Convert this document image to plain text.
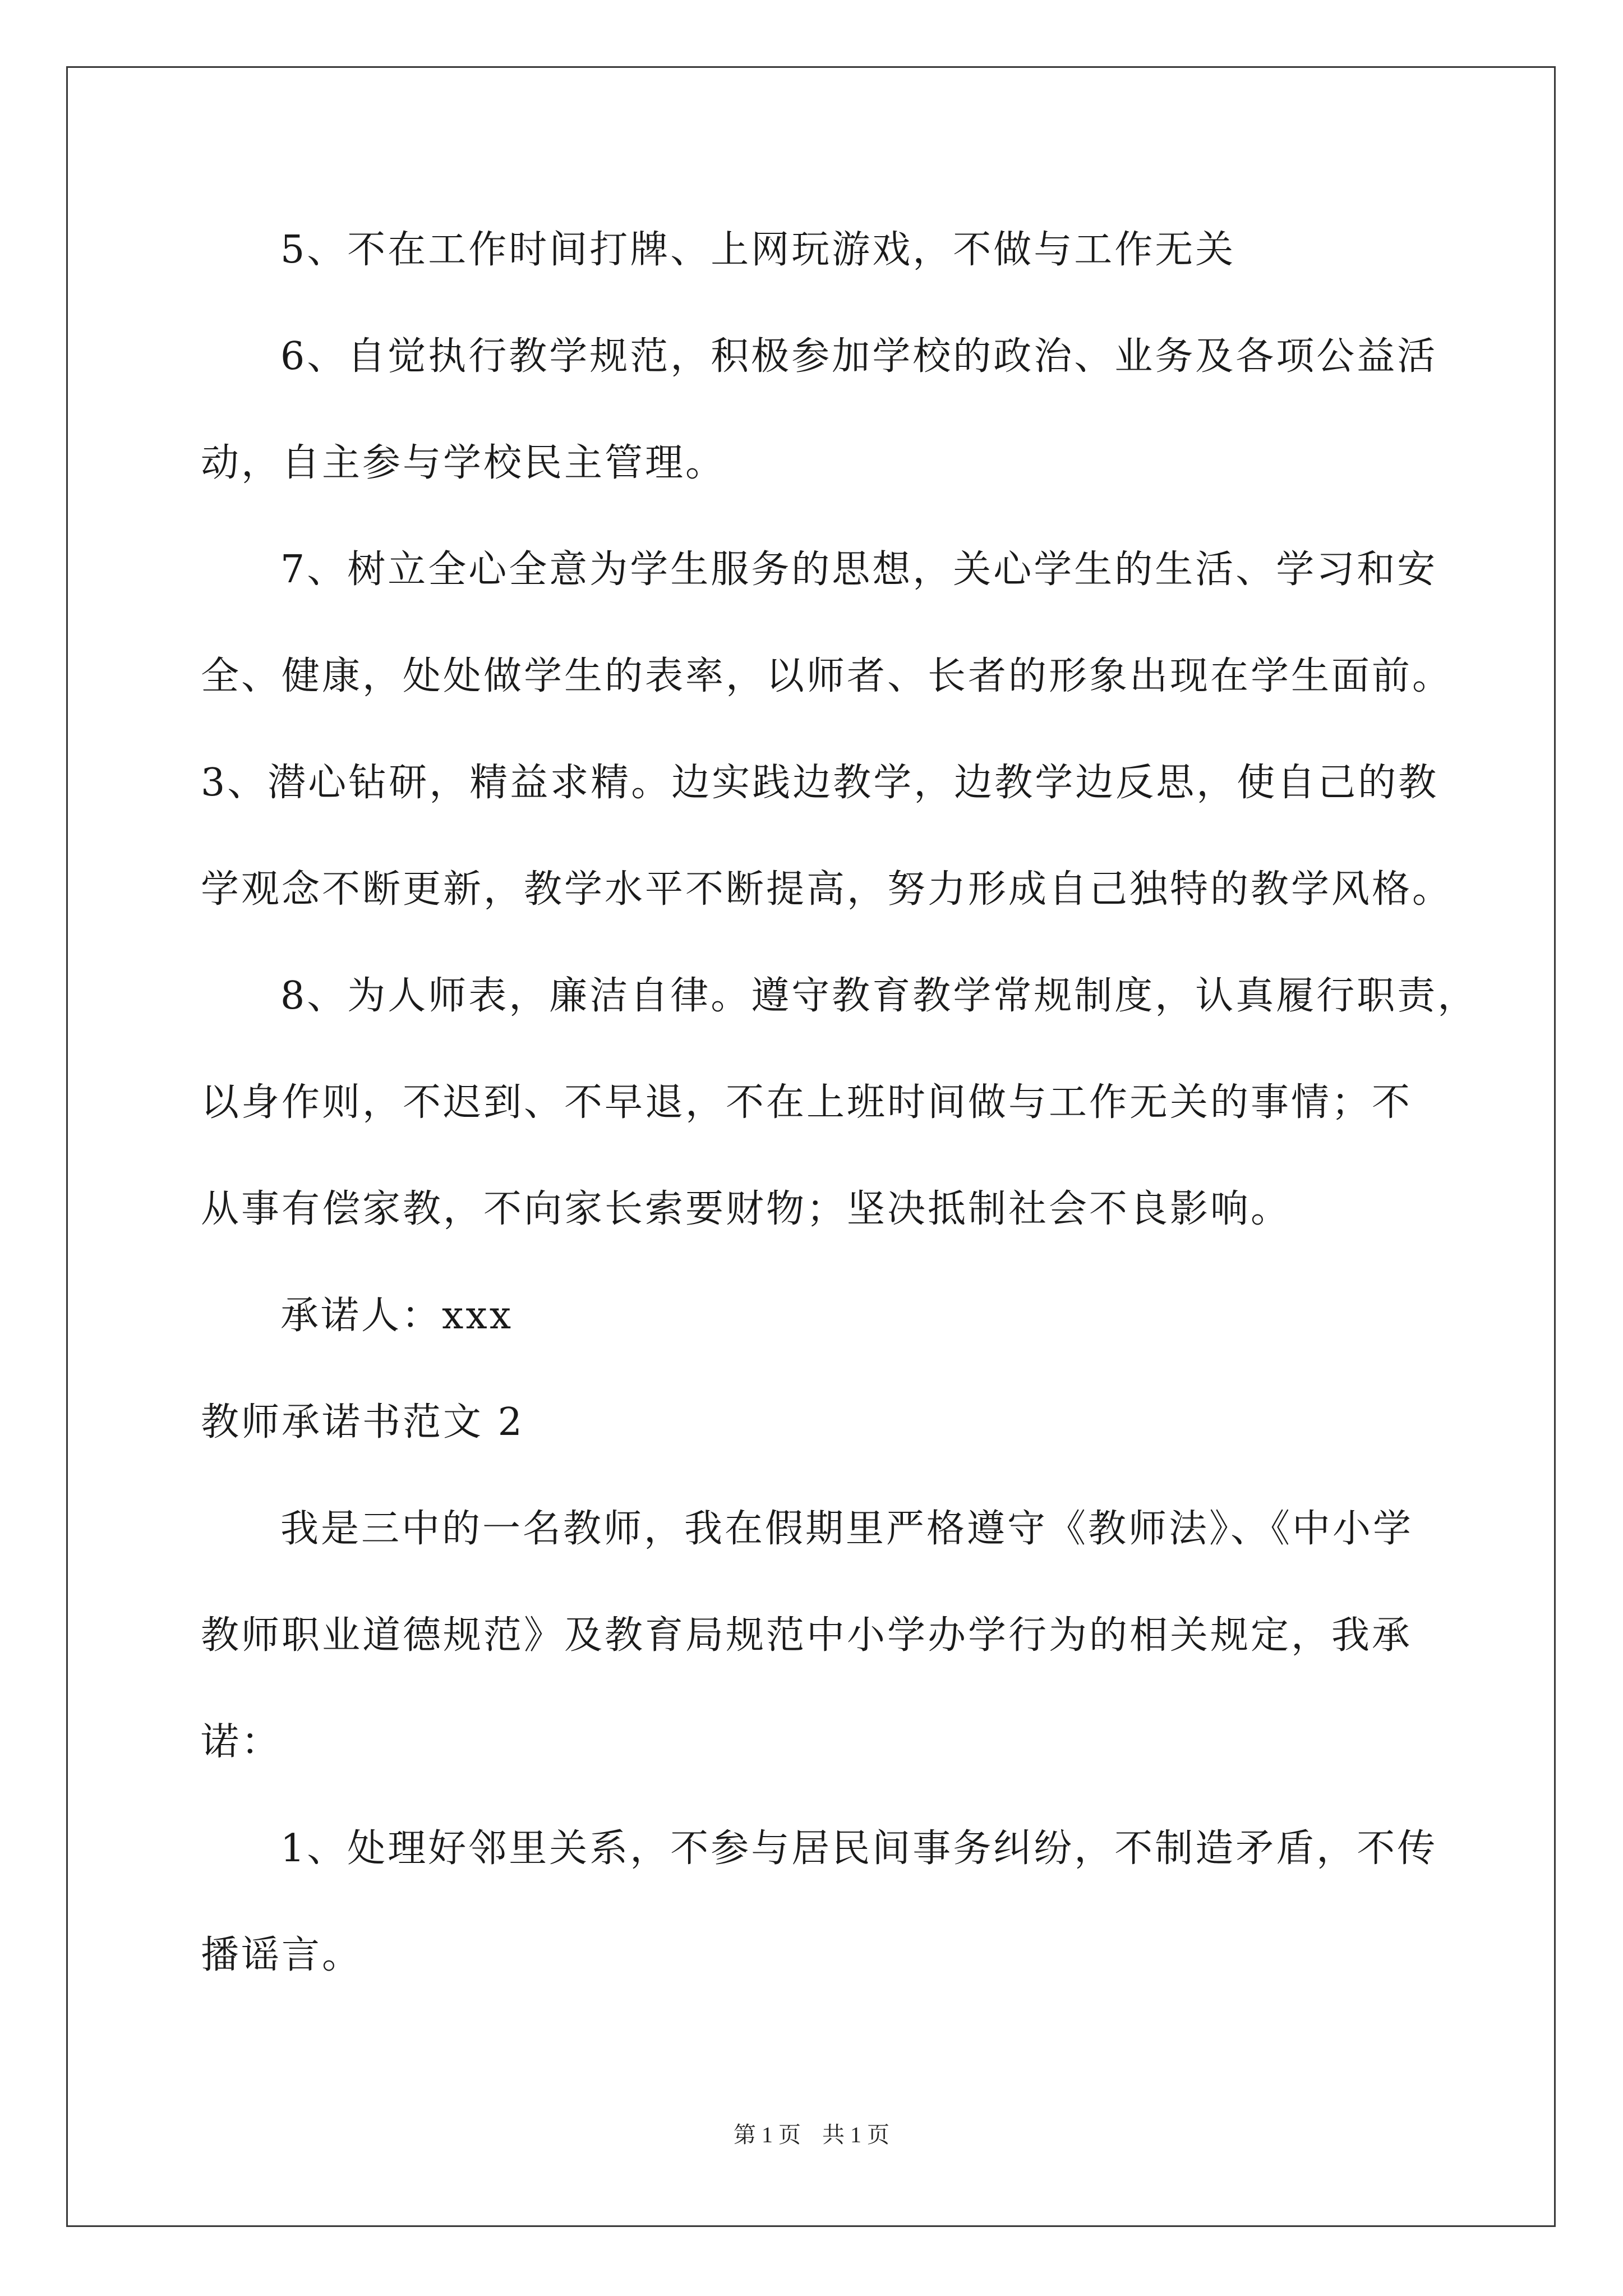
5、不在工作时间打牌、上网玩游戏，不做与工作无关
6、自觉执行教学规范，积极参加学校的政治、业务及各项公益活
动，自主参与学校民主管理。
7、树立全心全意为学生服务的思想，关心学生的生活、学习和安
全、健康，处处做学生的表率，以师者、长者的形象出现在学生面前。
3、潜心钻研，精益求精。边实践边教学，边教学边反思，使自己的教
学观念不断更新，教学水平不断提高，努力形成自己独特的教学风格。
8、为人师表，廉洁自律。遵守教育教学常规制度，认真履行职责，
以身作则，不迟到、不早退，不在上班时间做与工作无关的事情；不
从事有偿家教，不向家长索要财物；坚决抵制社会不良影响。
承诺人：xxx
教师承诺书范文 2
我是三中的一名教师，我在假期里严格遵守《教师法》、《中小学
教师职业道德规范》及教育局规范中小学办学行为的相关规定，我承
诺：
1、处理好邻里关系，不参与居民间事务纠纷，不制造矛盾，不传
播谣言。
第 1 页 共 1 页
